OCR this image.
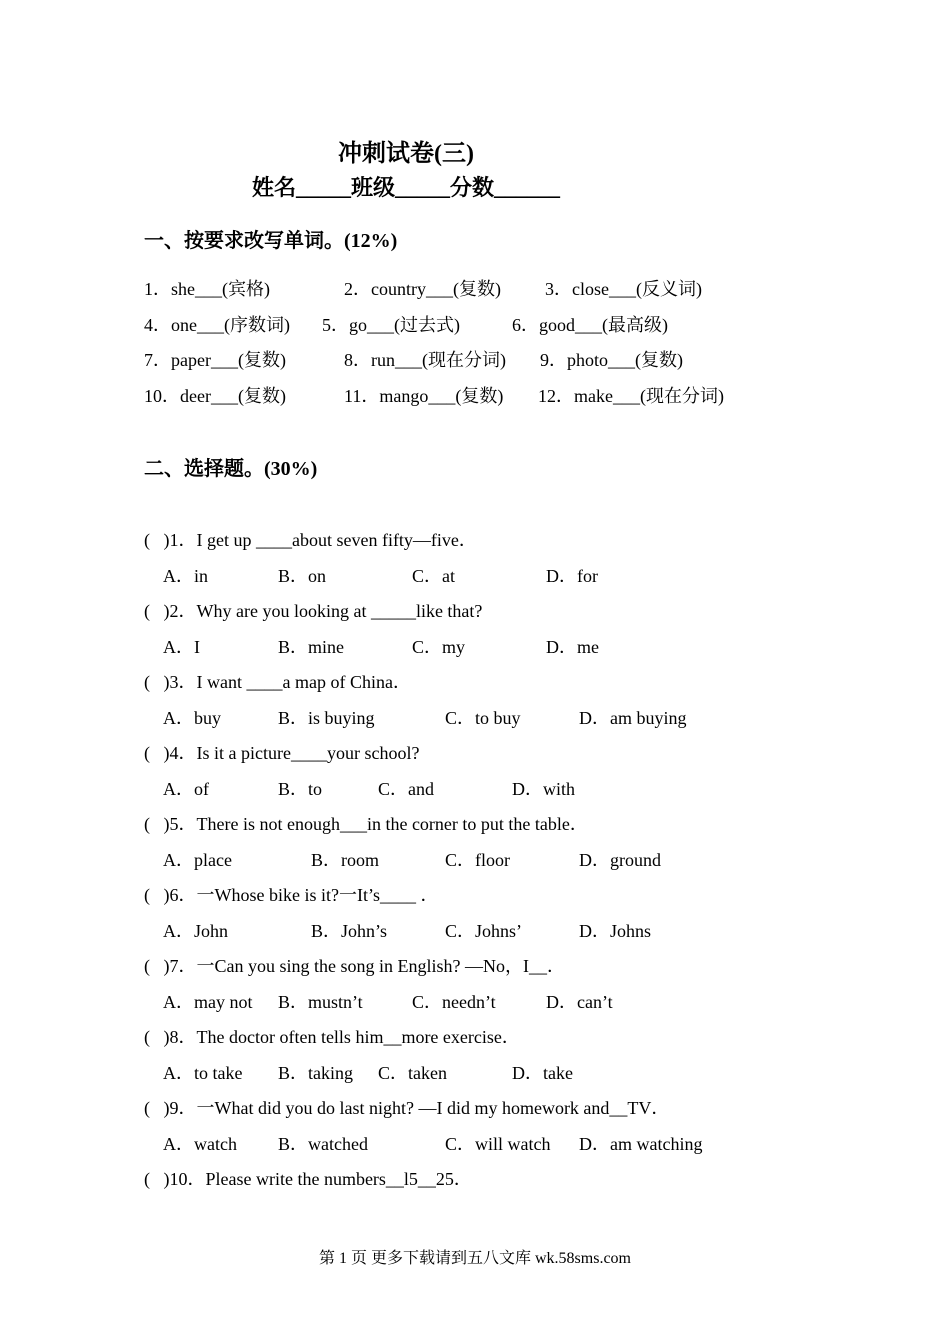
冲刺试卷(三)
姓名_____班级_____分数______
一、按要求改写单词。(12%)
1．she___(宾格)	2．country___(复数) 3．close___(反义词)
4．one___(序数词) 5．go___(过去式)	6．good___(最高级)
7．paper___(复数)	8．run___(现在分词) 9．photo___(复数)
10．deer___(复数)	11．mango___(复数) 12．make___(现在分词)
二、选择题。(30%)
(   )1．I get up ____about seven fifty—five．
A．in	B．on	C．at	D．for
(   )2．Why are you looking at _____like that?
A．I	B．mine	C．my	D．me
(   )3．I want ____a map of China．
A．buy	B．is buying	C．to buy	D．am buying
(   )4．Is it a picture____your school?
A．of	B．to	C．and	D．with
(   )5．There is not enough___in the corner to put the table．
A．place	B．room	C．floor	D．ground
(   )6．一Whose bike is it?一It’s____ ．
A．John	B．John’s	C．Johns’	D．Johns
(   )7．一Can you sing the song in English? —No，I__．
A．may not B．mustn’t	C．needn’t	D．can’t
(   )8．The doctor often tells him__more exercise．
A．to take B．taking C．taken	D．take
(   )9．一What did you do last night? —I did my homework and__TV．
A．watch B．watched	C．will watch D．am watching
(   )10．Please write the numbers__l5__25．
第 1 页 更多下载请到五八文库 wk.58sms.com
